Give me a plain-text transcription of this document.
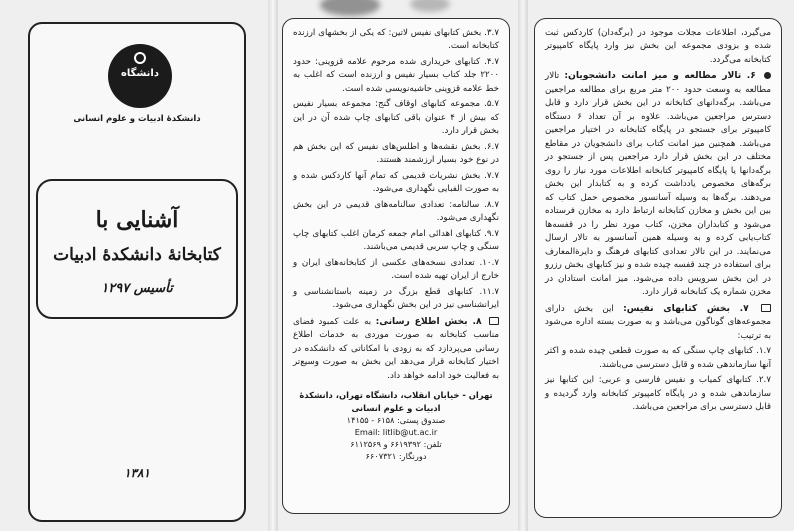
دانشگاه
دانشکدهٔ ادبیات و علوم انسانی
آشنایی با
کتابخانهٔ دانشکدهٔ ادبیات
تأسیس ۱۲۹۷
۱۳۸۱

۳.۷. بخش کتابهای نفیس لاتین: که یکی از بخشهای ارزنده کتابخانه است.

۴.۷. کتابهای خریداری شده مرحوم علامه قزوینی: حدود ۲۲۰۰ جلد کتاب بسیار نفیس و ارزنده است که اغلب به خط علامه قزوینی حاشیه‌نویسی شده است.

۵.۷. مجموعه کتابهای اوقاف گنج: مجموعه بسیار نفیس که بیش از ۴ عنوان باقی کتابهای چاپ شده آن در این بخش قرار دارد.

۶.۷. بخش نقشه‌ها و اطلس‌های نفیس که این بخش هم در نوع خود بسیار ارزشمند هستند.

۷.۷. بخش نشریات قدیمی که تمام آنها کاردکس شده و به صورت الفبایی نگهداری می‌شود.

۸.۷. سالنامه: تعدادی سالنامه‌های قدیمی در این بخش نگهداری می‌شود.

۹.۷. کتابهای اهدائی امام جمعه کرمان اغلب کتابهای چاپ سنگی و چاپ سربی قدیمی می‌باشند.

۱۰.۷. تعدادی نسخه‌های عکسی از کتابخانه‌های ایران و خارج از ایران تهیه شده است.

۱۱.۷. کتابهای قطع بزرگ در زمینه باستانشناسی و ایرانشناسی نیز در این بخش نگهداری می‌شود.

۸. بخش اطلاع رسانی: به علت کمبود فضای مناسب کتابخانه به صورت موردی به خدمات اطلاع رسانی می‌پردازد که به زودی با امکاناتی که دانشکده در اختیار کتابخانه قرار می‌دهد این بخش به صورت وسیع‌تر به فعالیت خود ادامه خواهد داد.

تهران - خیابان انقلاب، دانشگاه تهران، دانشکدهٔ ادبیات و علوم انسانی
صندوق پستی: ۶۱۵۸ - ۱۴۱۵۵
Email: litlib@ut.ac.ir
تلفن: ۶۶۱۹۳۹۲ و ۶۱۱۲۵۶۹
دورنگار: ۶۶۰۷۳۲۱

می‌گیرد، اطلاعات مجلات موجود در (برگه‌دان) کاردکس ثبت شده و بزودی مجموعه این بخش نیز وارد پایگاه کامپیوتر کتابخانه می‌گردد.

۶. تالار مطالعه و میز امانت دانشجویان: تالار مطالعه به وسعت حدود ۲۰۰ متر مربع برای مطالعه مراجعین می‌باشد. برگه‌دانهای کتابخانه در این بخش قرار دارد و قابل دسترس مراجعین می‌باشد. علاوه بر آن تعداد ۶ دستگاه کامپیوتر برای جستجو در پایگاه کتابخانه در اختیار مراجعین می‌باشد. همچنین میز امانت کتاب برای دانشجویان در مقاطع مختلف در این بخش قرار دارد مراجعین پس از جستجو در برگه‌دانها یا پایگاه کامپیوتر کتابخانه اطلاعات مورد نیاز را روی برگه‌های مخصوص یادداشت کرده و به کتابدار این بخش می‌دهند. برگه‌ها به وسیله آسانسور مخصوص حمل کتاب که بین این بخش و مخازن کتابخانه ارتباط دارد به مخازن فرستاده می‌شود و کتابداران مخزن، کتاب مورد نظر را در قفسه‌ها کتاب‌یابی کرده و به وسیله همین آسانسور به تالار ارسال می‌نمایند. در این تالار تعدادی کتابهای فرهنگ و دایرةالمعارف برای استفاده در چند قفسه چیده شده و نیز کتابهای بخش رزرو در این بخش سرویس داده می‌شود. میز امانت استادان در مخزن شماره یک کتابخانه قرار دارد.

۷. بخش کتابهای نفیس: این بخش دارای مجموعه‌های گوناگون می‌باشد و به صورت بسته اداره می‌شود به ترتیب:

۱.۷. کتابهای چاپ سنگی که به صورت قطعی چیده شده و اکثر آنها سازماندهی شده و قابل دسترسی می‌باشند.

۲.۷. کتابهای کمیاب و نفیس فارسی و عربی: این کتابها نیز سازماندهی شده و در پایگاه کامپیوتر کتابخانه وارد گردیده و قابل دسترسی برای مراجعین می‌باشد.
